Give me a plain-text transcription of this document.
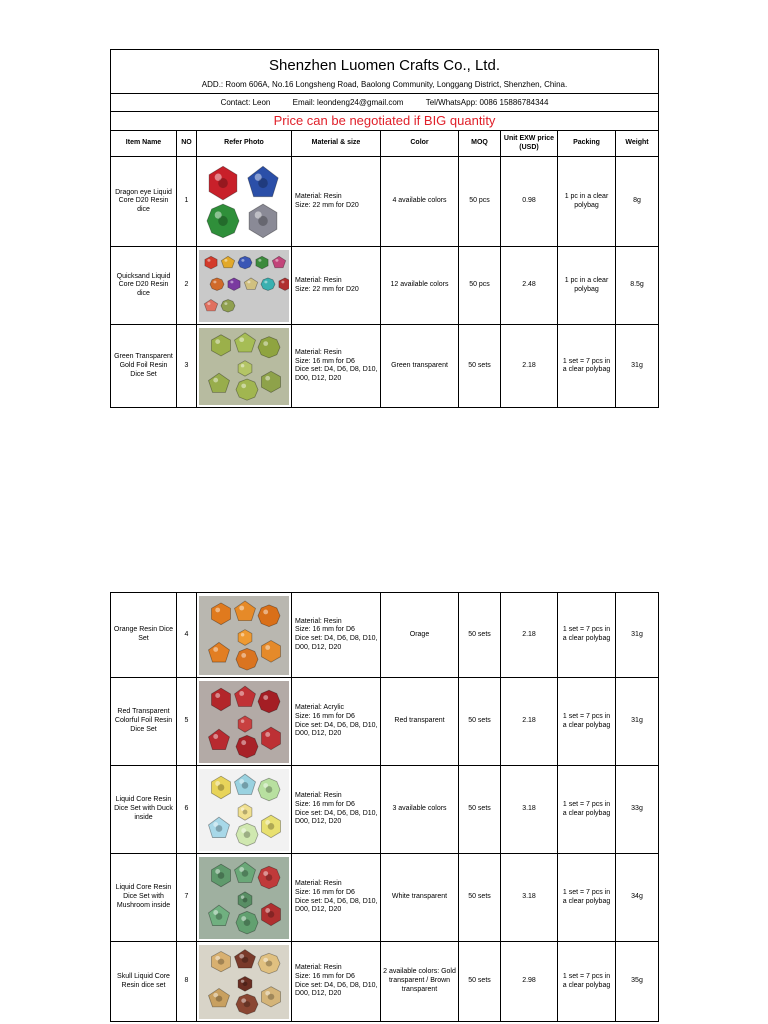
Shenzhen Luomen Crafts Co., Ltd.								
ADD.: Room 606A, No.16 Longsheng Road, Baolong Community, Longgang District, Shenzhen, China.								
Contact: Leon Email: leondeng24@gmail.com Tel/WhatsApp: 0086 15886784344								
Price can be negotiated if BIG quantity								
Item Name	NO	Refer Photo	Material & size	Color	MOQ	Unit EXW price (USD)	Packing	Weight
Dragon eye Liquid Core D20 Resin dice	1		Material: Resin
Size: 22 mm for D20	4 available colors	50 pcs	0.98	1 pc in a clear polybag	8g
Quicksand Liquid Core D20 Resin dice	2		Material: Resin
Size: 22 mm for D20	12 available colors	50 pcs	2.48	1 pc in a clear polybag	8.5g
Green Transparent Gold Foil Resin Dice Set	3		Material: Resin
Size: 16 mm for D6
Dice set: D4, D6, D8, D10, D00, D12, D20	Green transparent	50 sets	2.18	1 set = 7 pcs in a clear polybag	31g
Orange Resin Dice Set	4		Material: Resin
Size: 16 mm for D6
Dice set: D4, D6, D8, D10, D00, D12, D20	Orage	50 sets	2.18	1 set = 7 pcs in a clear polybag	31g
Red Transparent Colorful Foil Resin Dice Set	5		Material: Acrylic
Size: 16 mm for D6
Dice set: D4, D6, D8, D10, D00, D12, D20	Red transparent	50 sets	2.18	1 set = 7 pcs in a clear polybag	31g
Liquid Core Resin Dice Set with Duck inside	6		Material: Resin
Size: 16 mm for D6
Dice set: D4, D6, D8, D10, D00, D12, D20	3 available colors	50 sets	3.18	1 set = 7 pcs in a clear polybag	33g
Liquid Core Resin Dice Set with Mushroom inside	7		Material: Resin
Size: 16 mm for D6
Dice set: D4, D6, D8, D10, D00, D12, D20	White transparent	50 sets	3.18	1 set = 7 pcs in a clear polybag	34g
Skull Liquid Core Resin dice set	8		Material: Resin
Size: 16 mm for D6
Dice set: D4, D6, D8, D10, D00, D12, D20	2 available colors: Gold transparent / Brown transparent	50 sets	2.98	1 set = 7 pcs in a clear polybag	35g
